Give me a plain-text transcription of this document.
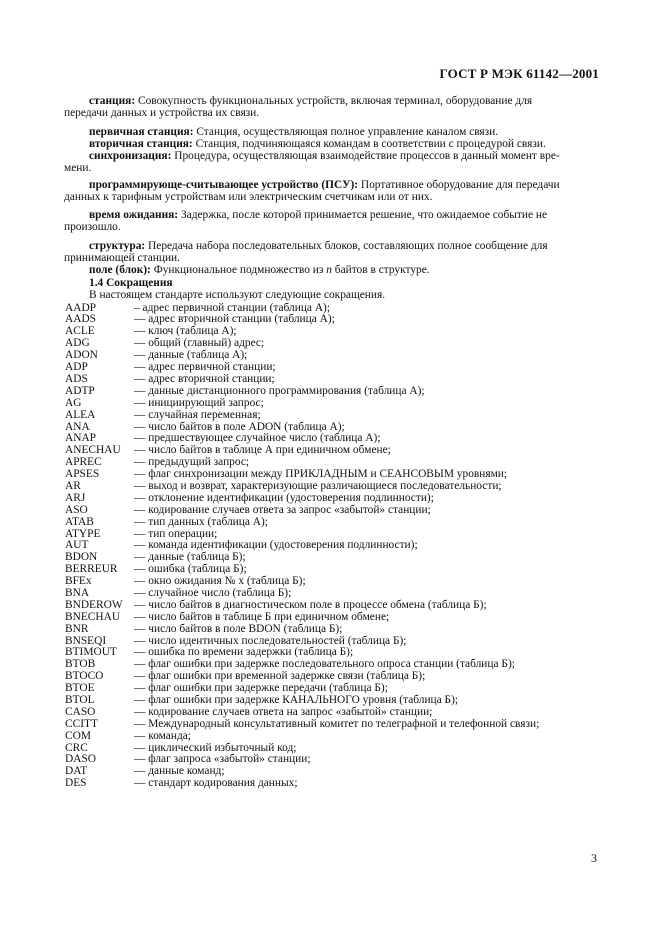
ГОСТ Р МЭК 61142—2001

станция: Совокупность функциональных устройств, включая терминал, оборудование для
передачи данных и устройства их связи.

первичная станция: Станция, осуществляющая полное управление каналом связи.

вторичная станция: Станция, подчиняющаяся командам в соответствии с процедурой связи.

синхронизация: Процедура, осуществляющая взаимодействие процессов в данный момент вре-
мени.

программирующе-считывающее устройство (ПСУ): Портативное оборудование для передачи
данных к тарифным устройствам или электрическим счетчикам или от них.

время ожидания: Задержка, после которой принимается решение, что ожидаемое событие не
произошло.

структура: Передача набора последовательных блоков, составляющих полное сообщение для
принимающей станции.

поле (блок): Функциональное подмножество из n байтов в структуре.

1.4 Сокращения

В настоящем стандарте используют следующие сокращения.

AADP	– адрес первичной станции (таблица А);
AADS	— адрес вторичной станции (таблица А);
ACLE	— ключ (таблица А);
ADG	— общий (главный) адрес;
ADON	— данные (таблица А);
ADP	— адрес первичной станции;
ADS	— адрес вторичной станции;
ADTP	— данные дистанционного программирования (таблица А);
AG	— инициирующий запрос;
ALEA	— случайная переменная;
ANA	— число байтов в поле ADON (таблица А);
ANAP	— предшествующее случайное число (таблица А);
ANECHAU	— число байтов в таблице А при единичном обмене;
APREC	— предыдущий запрос;
APSES	— флаг синхронизации между ПРИКЛАДНЫМ и СЕАНСОВЫМ уровнями;
AR	— выход и возврат, характеризующие различающиеся последовательности;
ARJ	— отклонение идентификации (удостоверения подлинности);
ASO	— кодирование случаев ответа за запрос «забытой» станции;
ATAB	— тип данных (таблица А);
ATYPE	— тип операции;
AUT	— команда идентификации (удостоверения подлинности);
BDON	— данные (таблица Б);
BERREUR	— ошибка (таблица Б);
BFEx	— окно ожидания № x (таблица Б);
BNA	— случайное число (таблица Б);
BNDEROW	— число байтов в диагностическом поле в процессе обмена (таблица Б);
BNECHAU	— число байтов в таблице Б при единичном обмене;
BNR	— число байтов в поле BDON (таблица Б);
BNSEQI	— число идентичных последовательностей (таблица Б);
BTIMOUT	— ошибка по времени задержки (таблица Б);
BTOB	— флаг ошибки при задержке последовательного опроса станции (таблица Б);
BTOCO	— флаг ошибки при временной задержке связи (таблица Б);
BTOE	— флаг ошибки при задержке передачи (таблица Б);
BTOL	— флаг ошибки при задержке КАНАЛЬНОГО уровня (таблица Б);
CASO	— кодирование случаев ответа на запрос «забытой» станции;
CCITT	— Международный консультативный комитет по телеграфной и телефонной связи;
COM	— команда;
CRC	— циклический избыточный код;
DASO	— флаг запроса «забытой» станции;
DAT	— данные команд;
DES	— стандарт кодирования данных;
3
